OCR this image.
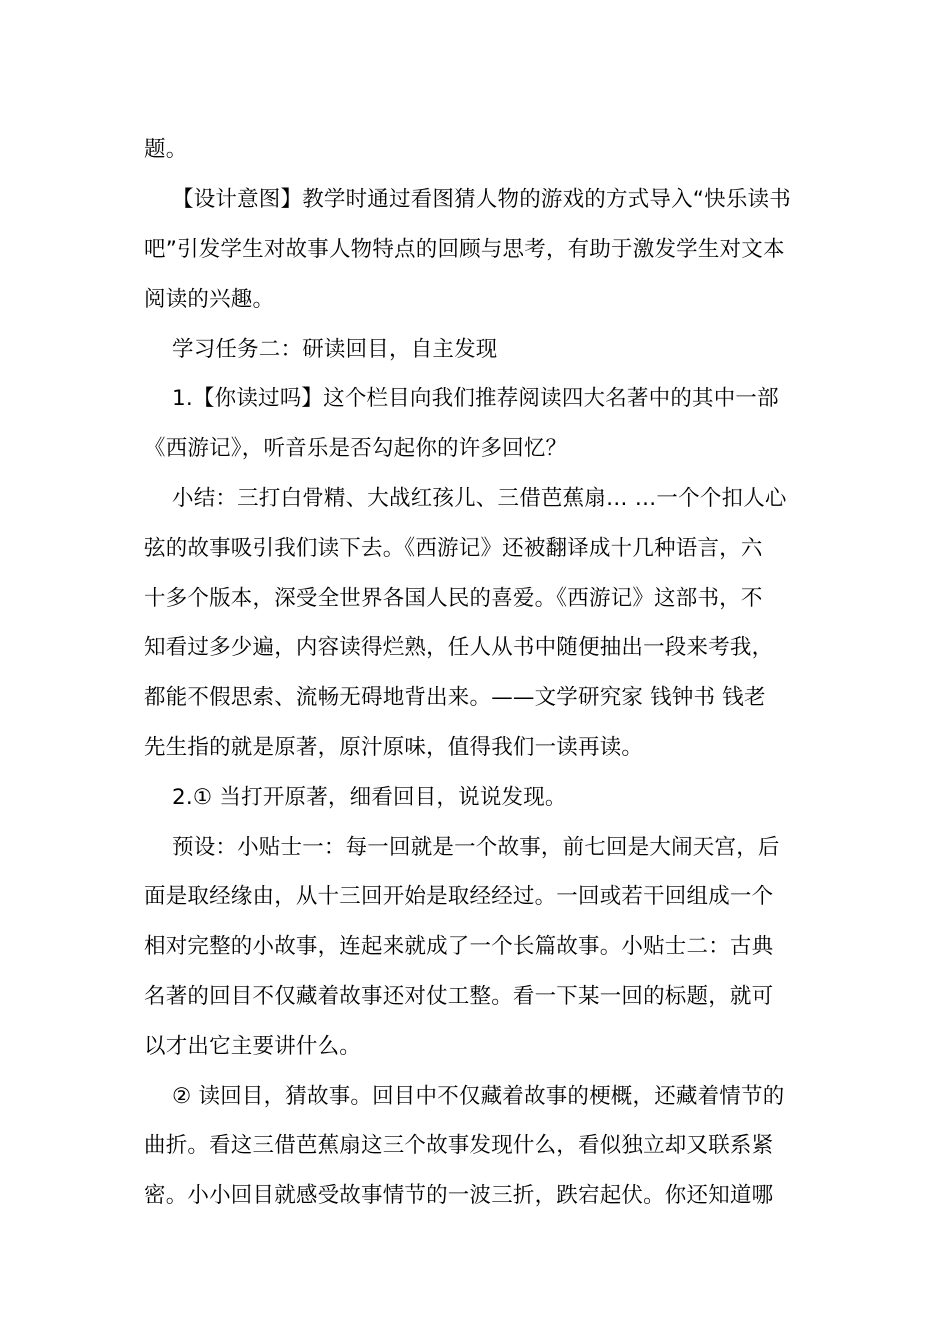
题。
【设计意图】教学时通过看图猜人物的游戏的方式导入“快乐读书
吧”引发学生对故事人物特点的回顾与思考，有助于激发学生对文本
阅读的兴趣。
学习任务二：研读回目，自主发现
1.【你读过吗】这个栏目向我们推荐阅读四大名著中的其中一部
《西游记》，听音乐是否勾起你的许多回忆？
小结：三打白骨精、大战红孩儿、三借芭蕉扇… …一个个扣人心
弦的故事吸引我们读下去。《西游记》还被翻译成十几种语言，六
十多个版本，深受全世界各国人民的喜爱。《西游记》这部书，不
知看过多少遍，内容读得烂熟，任人从书中随便抽出一段来考我，
都能不假思索、流畅无碍地背出来。——文学研究家 钱钟书 钱老
先生指的就是原著，原汁原味，值得我们一读再读。
2.① 当打开原著，细看回目，说说发现。
预设：小贴士一：每一回就是一个故事，前七回是大闹天宫，后
面是取经缘由，从十三回开始是取经经过。一回或若干回组成一个
相对完整的小故事，连起来就成了一个长篇故事。小贴士二：古典
名著的回目不仅藏着故事还对仗工整。看一下某一回的标题，就可
以才出它主要讲什么。
② 读回目，猜故事。回目中不仅藏着故事的梗概，还藏着情节的
曲折。看这三借芭蕉扇这三个故事发现什么，看似独立却又联系紧
密。小小回目就感受故事情节的一波三折，跌宕起伏。你还知道哪
